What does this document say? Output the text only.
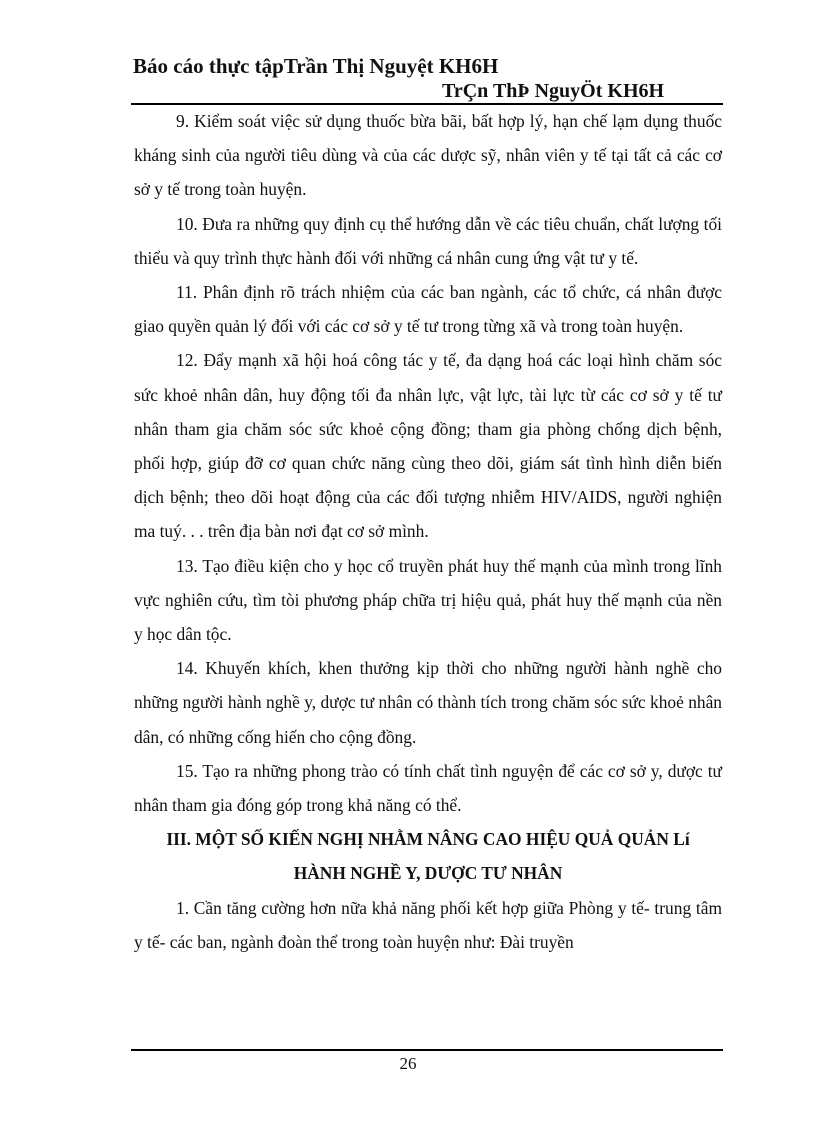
Báo cáo thực tậpTrần Thị Nguyệt KH6H
TrÇn ThÞ NguyÖt KH6H

9. Kiểm soát việc sử dụng thuốc bừa bãi, bất hợp lý, hạn chế lạm dụng thuốc kháng sinh của người tiêu dùng và của các dược sỹ, nhân viên y tế tại tất cả các cơ sở y tế trong toàn huyện.

10. Đưa ra những quy định cụ thể hướng dẫn về các tiêu chuẩn, chất lượng tối thiểu và quy trình thực hành đối với những cá nhân cung ứng vật tư y tế.

11. Phân định rõ trách nhiệm của các ban ngành, các tổ chức, cá nhân được giao quyền quản lý đối với các cơ sở y tế tư trong từng xã và trong toàn huyện.

12. Đẩy mạnh xã hội hoá công tác y tế, đa dạng hoá các loại hình chăm sóc sức khoẻ nhân dân, huy động tối đa nhân lực, vật lực, tài lực từ các cơ sở y tế tư nhân tham gia chăm sóc sức khoẻ cộng đồng; tham gia phòng chống dịch bệnh, phối hợp, giúp đỡ cơ quan chức năng cùng theo dõi, giám sát tình hình diễn biến dịch bệnh; theo dõi hoạt động của các đối tượng nhiễm HIV/AIDS, người nghiện ma tuý. . . trên địa bàn nơi đạt cơ sở mình.

13. Tạo điều kiện cho y học cổ truyền phát huy thế mạnh của mình trong lĩnh vực nghiên cứu, tìm tòi phương pháp chữa trị hiệu quả, phát huy thế mạnh của nền y học dân tộc.

14. Khuyến khích, khen thưởng kịp thời cho những người hành nghề cho những người hành nghề y, dược tư nhân có thành tích trong chăm sóc sức khoẻ nhân dân, có những cống hiến cho cộng đồng.

15. Tạo ra những phong trào có tính chất tình nguyện để các cơ sở y, dược tư nhân tham gia đóng góp trong khả năng có thể.

III. MỘT SỐ KIẾN NGHỊ NHẰM NÂNG CAO HIỆU QUẢ QUẢN Lí

HÀNH NGHỀ Y, DƯỢC TƯ NHÂN

1. Cần tăng cường hơn nữa khả năng phối kết hợp giữa Phòng y tế- trung tâm y tế- các ban, ngành đoàn thể trong toàn huyện như: Đài truyền

26
